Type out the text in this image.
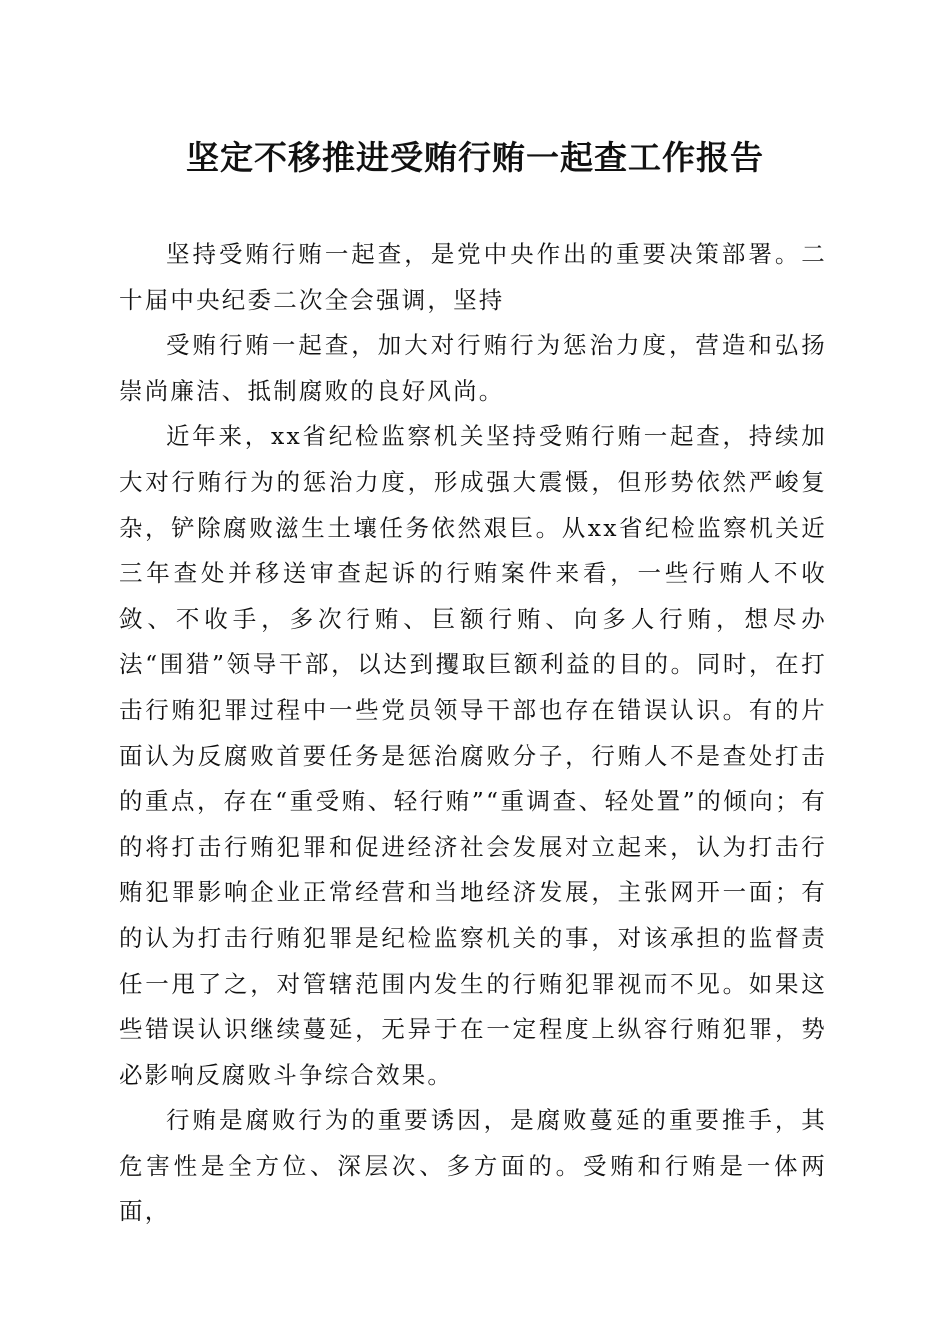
坚定不移推进受贿行贿一起查工作报告

坚持受贿行贿一起查，是党中央作出的重要决策部署。二十届中央纪委二次全会强调，坚持

受贿行贿一起查，加大对行贿行为惩治力度，营造和弘扬崇尚廉洁、抵制腐败的良好风尚。

近年来，xx省纪检监察机关坚持受贿行贿一起查，持续加大对行贿行为的惩治力度，形成强大震慑，但形势依然严峻复杂，铲除腐败滋生土壤任务依然艰巨。从xx省纪检监察机关近三年查处并移送审查起诉的行贿案件来看，一些行贿人不收敛、不收手，多次行贿、巨额行贿、向多人行贿，想尽办法“围猎”领导干部，以达到攫取巨额利益的目的。同时，在打击行贿犯罪过程中一些党员领导干部也存在错误认识。有的片面认为反腐败首要任务是惩治腐败分子，行贿人不是查处打击的重点，存在“重受贿、轻行贿”“重调查、轻处置”的倾向；有的将打击行贿犯罪和促进经济社会发展对立起来，认为打击行贿犯罪影响企业正常经营和当地经济发展，主张网开一面；有的认为打击行贿犯罪是纪检监察机关的事，对该承担的监督责任一甩了之，对管辖范围内发生的行贿犯罪视而不见。如果这些错误认识继续蔓延，无异于在一定程度上纵容行贿犯罪，势必影响反腐败斗争综合效果。

行贿是腐败行为的重要诱因，是腐败蔓延的重要推手，其危害性是全方位、深层次、多方面的。受贿和行贿是一体两面，
